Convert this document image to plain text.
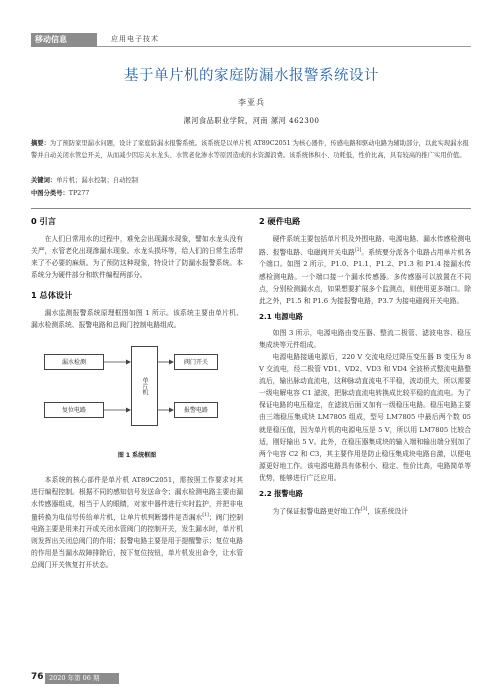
移动信息	应用电子技术
基于单片机的家庭防漏水报警系统设计
李亚兵
漯河食品职业学院，河南 漯河 462300
摘要：为了预防家里漏水问题，设计了家庭防漏水报警系统。该系统是以单片机 AT89C2051 为核心器件，传感电路和驱动电路为辅助部分，以此实现漏水报警并自动关闭水管总开关，从而减少因忘关水龙头、水管老化渗水等原因造成的水资源浪费。该系统体积小、功耗低，性价比高，具有较高的推广实用价值。
关键词：单片机；漏水控制；自动控制
中图分类号：TP277
0 引言
在人们日常用水的过程中，难免会出现漏水现象，譬如水龙头没有关严，水管老化出现滲漏水现象。水龙头损坏等，给人们的日常生活带来了不必要的麻烦。为了预防这种现象，特设计了防漏水报警系统。本系统分为硬件部分和软件编程两部分。
1 总体设计
漏水监测报警系统原理框图如图 1 所示。该系统主要由单片机、漏水检测系统、报警电路和总阀门控制电路组成。
漏水检测
单片机
阀门开关
复位电路	报警电路
图 1 系统框图
本系统的核心部件是单片机 AT89C2051，需按照工作要求对其进行编程控制。根据不同的感知信号发送命令；漏水检测电路主要由漏水传感器组成，相当于人的眼睛，对家中器件进行实时监护，并把非电量转换为电信号传给单片机，让单片机判断器件是否漏水[1]；阀门控制电路主要是用来打开或关闭水管阀门的控制开关，发生漏水时，单片机则发挥出关闭总阀门的作用；报警电路主要是用于提醒警示；复位电路的作用是当漏水故障排除后，按下复位按钮，单片机发出命令，让水管总阀门开关恢复打开状态。
2 硬件电路
硬件系统主要包括单片机及外围电路、电源电路、漏水传感检测电路、报警电路、电磁阀开关电路[2]。系统要分派各个电路占用单片机各个端口。如图 2 所示，P1.0、P1.1、P1.2、P1.3 和 P1.4 接漏水传感检测电路。一个端口接一个漏水传感器。多传感器可以放置在不同点，分别检测漏水点，如果想要扩展多个监测点，则使用更多端口。除此之外，P1.5 和 P1.6 为接报警电路，P3.7 为接电磁阀开关电路。
2.1 电源电路
如图 3 所示，电源电路由变压器、整流二极管、滤波电容、稳压集成块等元件组成。
电源电路接通电源后，220 V 交流电经过降压变压器 B 变压为 8 V 交流电，经二极管 VD1、VD2、VD3 和 VD4 全波桥式整流电路整流后，输出脉动直流电，这种脉动直流电不平稳，波动很大，所以需要一级电解电容 C1 滤波，把脉动直流电转换成比较平稳的直流电。为了保证电路的电压稳定，在滤波后面又加有一级稳压电路。稳压电路主要由三端稳压集成块 LM7805 组成，型号 LM7805 中最后两个数 05 就是稳压值，因为单片机的电源电压是 5 V，所以用 LM7805 比较合适，刚好输出 5 V。此外，在稳压器集成块的输入端和输出端分别加了两个电容 C2 和 C3，其主要作用是防止稳压集成块电路自激，以便电源更好地工作。该电源电路具有体积小、稳定、性价比高，电路简单等优势，能够进行广泛应用。
2.2 报警电路
为了保证报警电路更好地工作[3]，该系统设计
76 2020 年第 06 期
